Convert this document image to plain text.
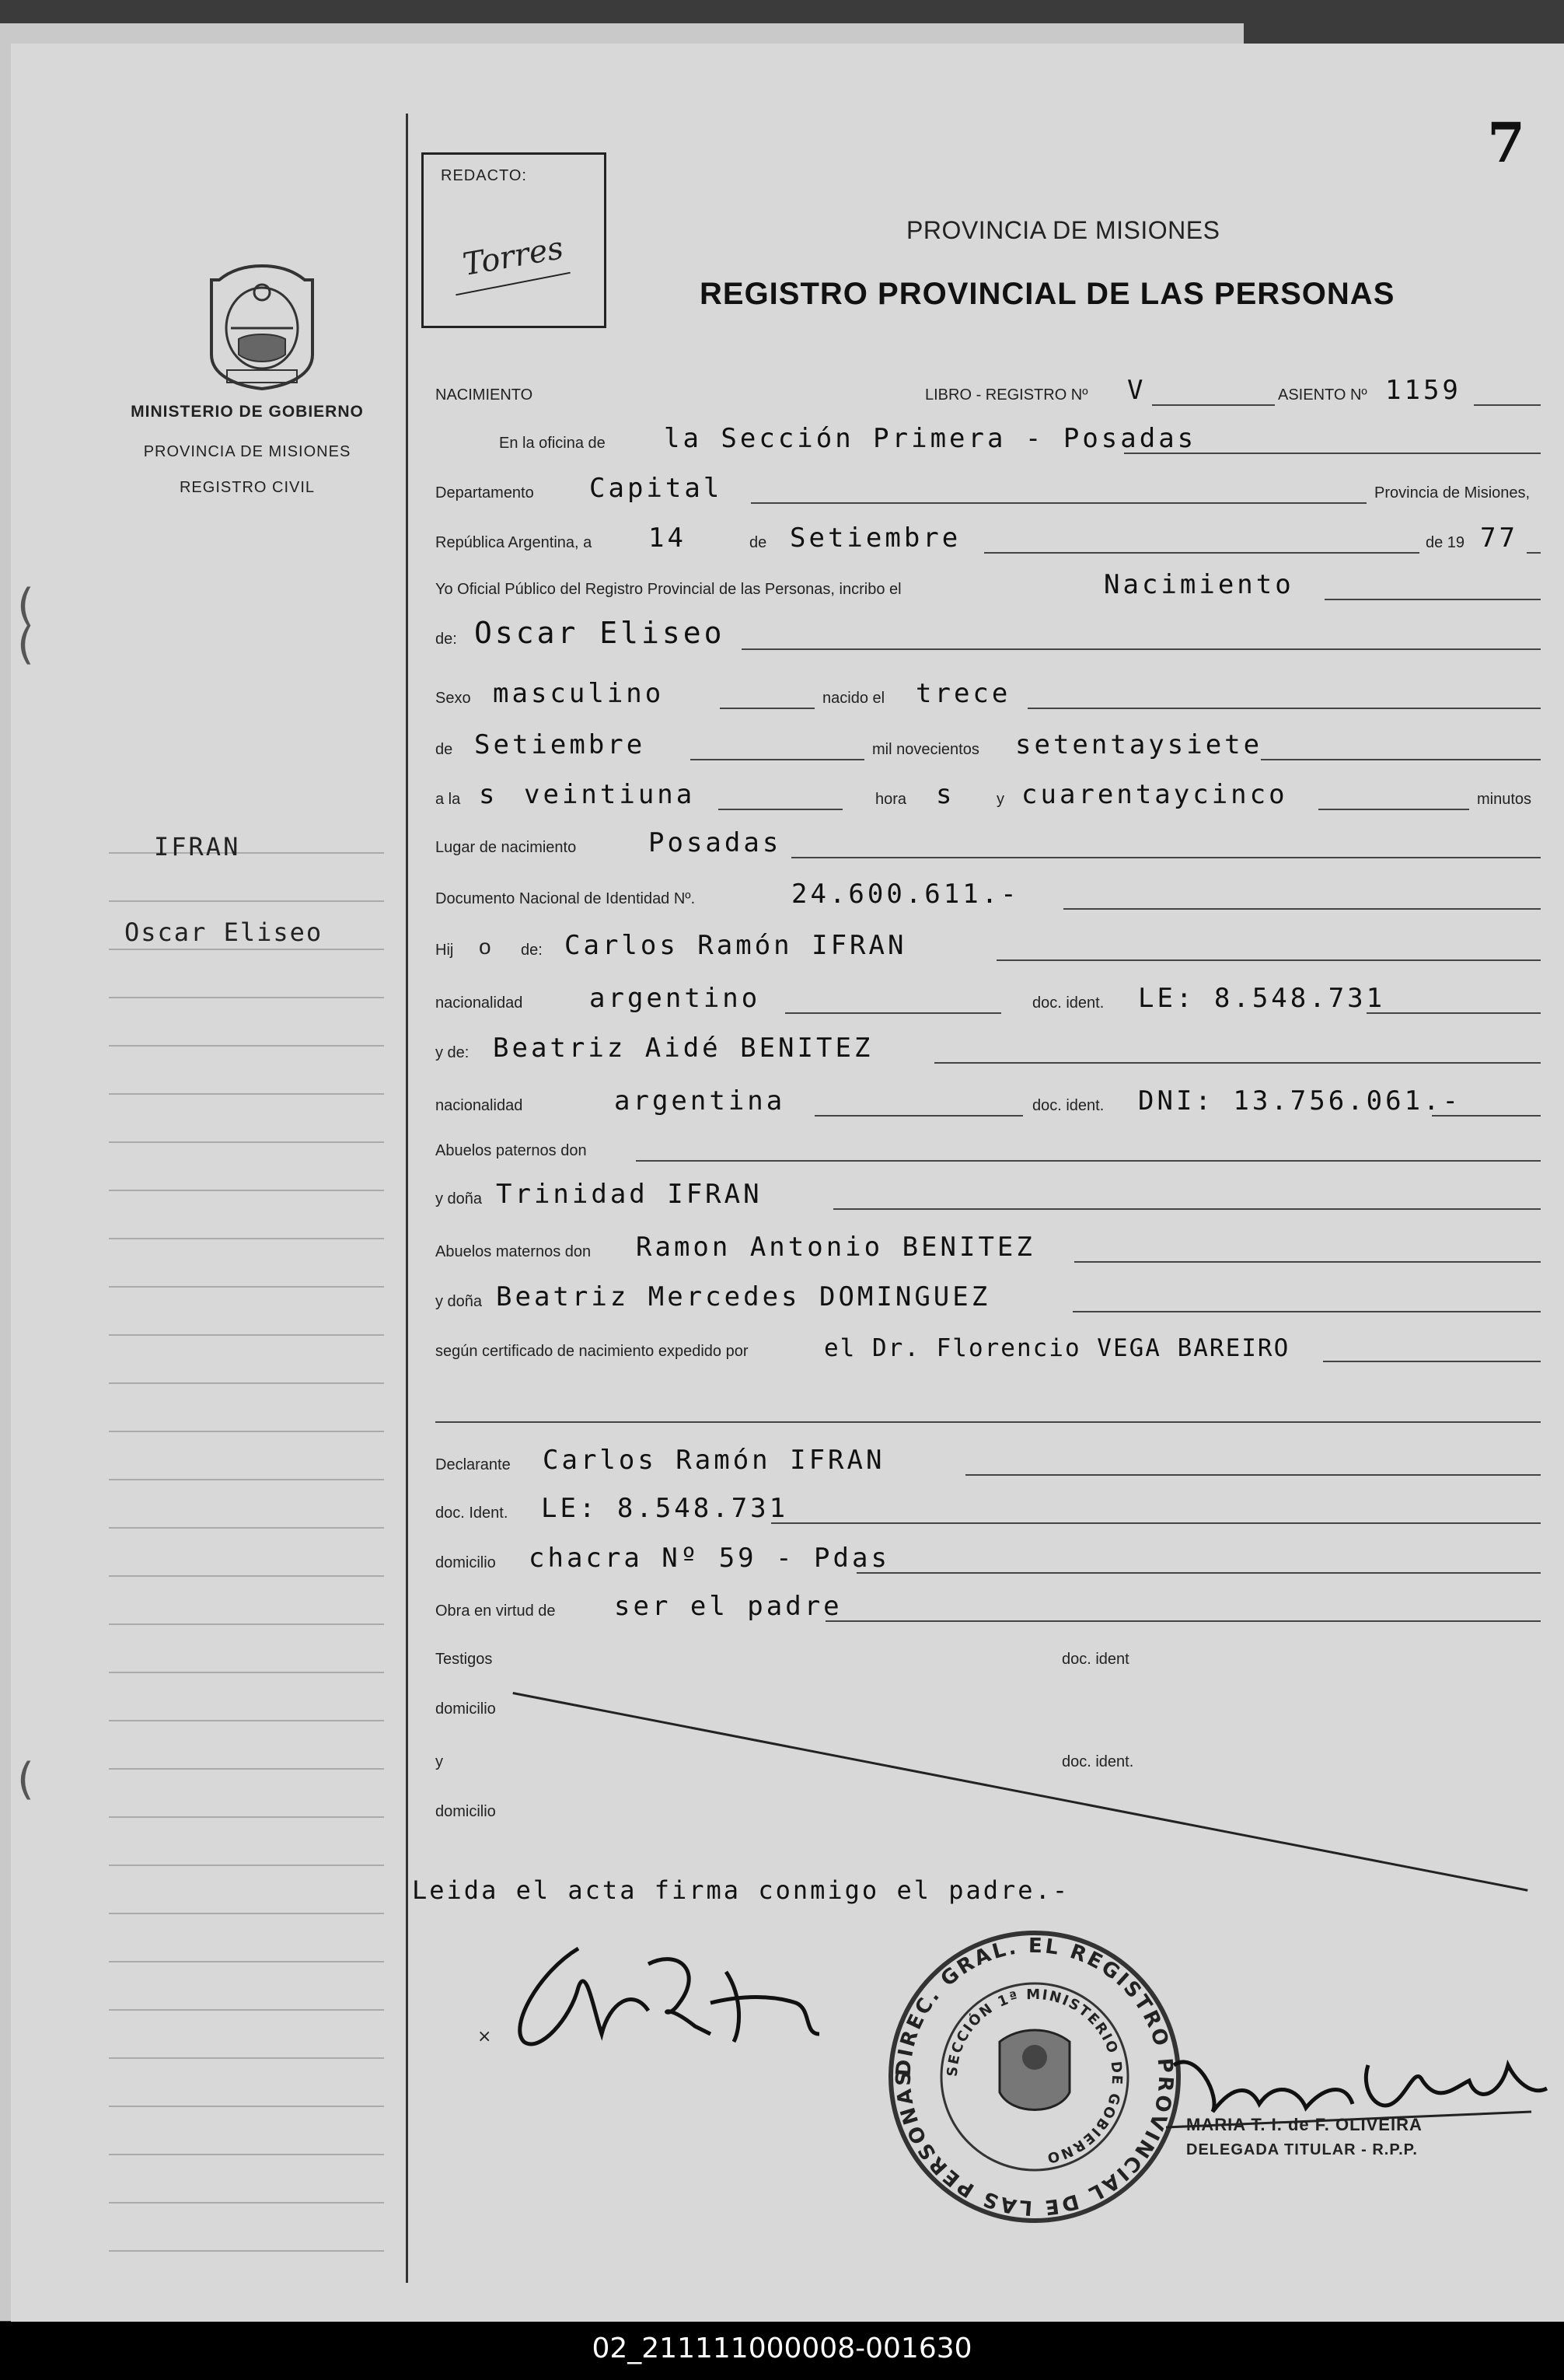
(
(
(
7
REDACTO:
Torres
PROVINCIA DE MISIONES
REGISTRO PROVINCIAL DE LAS PERSONAS
MINISTERIO DE GOBIERNO
PROVINCIA DE MISIONES
REGISTRO CIVIL
IFRAN
Oscar Eliseo
NACIMIENTO	LIBRO - REGISTRO Nº V	ASIENTO Nº 1159
En la oficina de la Sección Primera - Posadas
Departamento Capital	Provincia de Misiones,
República Argentina, a 14	de Setiembre	de 19 77
Yo Oficial Público del Registro Provincial de las Personas, incribo el	Nacimiento
de: Oscar Eliseo
Sexo masculino	nacido el trece
de Setiembre	mil novecientos setentaysiete
a la s veintiuna	hora s	y cuarentaycinco	minutos
Lugar de nacimiento	Posadas
Documento Nacional de Identidad Nº.	24.600.611.-
Hij o de: Carlos Ramón IFRAN
nacionalidad	argentino	doc. ident. LE: 8.548.731
y de: Beatriz Aidé BENITEZ
nacionalidad	argentina	doc. ident. DNI: 13.756.061.-
Abuelos paternos don
y doña Trinidad IFRAN
Abuelos maternos don Ramon Antonio BENITEZ
y doña Beatriz Mercedes DOMINGUEZ
según certificado de nacimiento expedido por	el Dr. Florencio VEGA BAREIRO
Declarante Carlos Ramón IFRAN
doc. Ident. LE: 8.548.731
domicilio chacra Nº 59 - Pdas
Obra en virtud de ser el padre
Testigos	doc. ident
domicilio
y	doc. ident.
domicilio
Leida el acta firma conmigo el padre.-
×
DIREC. GRAL. EL REGISTRO PROVINCIAL DE LAS PERSONAS	SECCIÓN 1ª MINISTERIO DE GOBIERNO
MARIA T. I. de F. OLIVEIRA
DELEGADA TITULAR - R.P.P.
02_211111000008-001630
